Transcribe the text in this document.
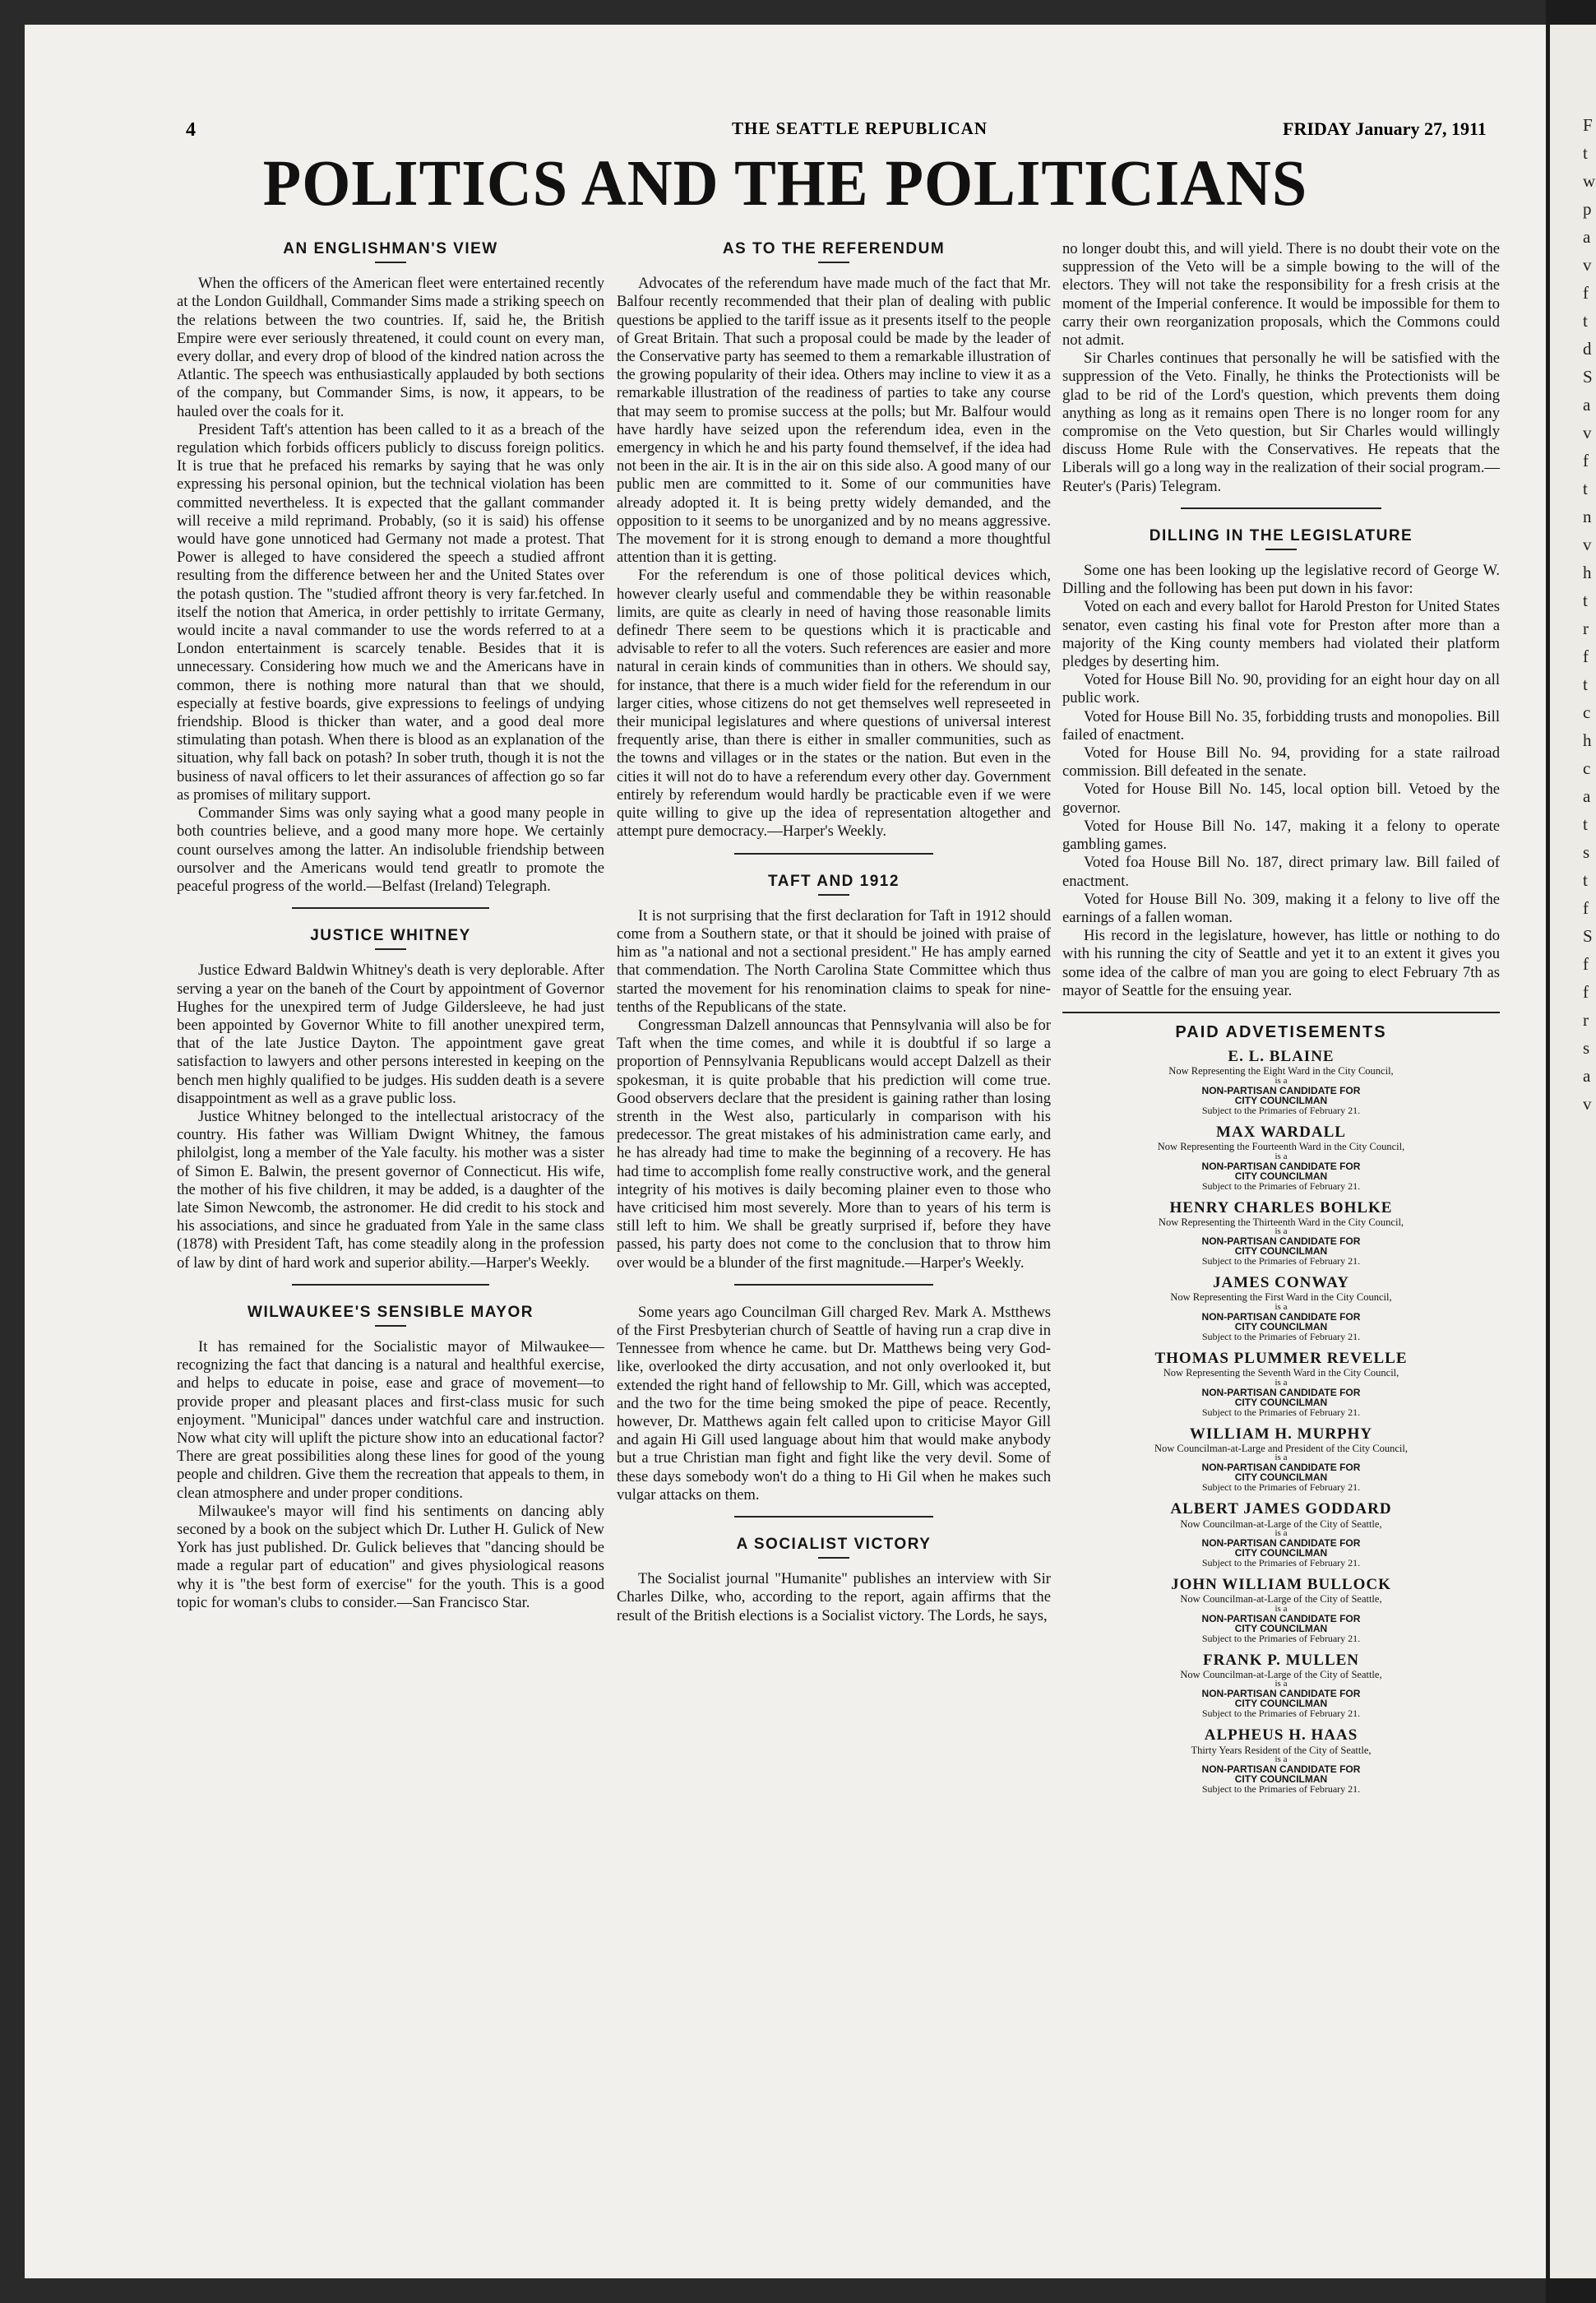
4	THE SEATTLE REPUBLICAN	FRIDAY January 27, 1911
POLITICS AND THE POLITICIANS
AN ENGLISHMAN'S VIEW

When the officers of the American fleet were entertained recently at the London Guildhall, Commander Sims made a striking speech on the relations between the two countries. If, said he, the British Empire were ever seriously threatened, it could count on every man, every dollar, and every drop of blood of the kindred nation across the Atlantic. The speech was enthusiastically applauded by both sections of the company, but Commander Sims, is now, it appears, to be hauled over the coals for it.

President Taft's attention has been called to it as a breach of the regulation which forbids officers publicly to discuss foreign politics. It is true that he prefaced his remarks by saying that he was only expressing his personal opinion, but the technical violation has been committed nevertheless. It is expected that the gallant commander will receive a mild reprimand. Probably, (so it is said) his offense would have gone unnoticed had Germany not made a protest. That Power is alleged to have considered the speech a studied affront resulting from the difference between her and the United States over the potash qustion. The "studied affront theory is very far.fetched. In itself the notion that America, in order pettishly to irritate Germany, would incite a naval commander to use the words referred to at a London entertainment is scarcely tenable. Besides that it is unnecessary. Considering how much we and the Americans have in common, there is nothing more natural than that we should, especially at festive boards, give expressions to feelings of undying friendship. Blood is thicker than water, and a good deal more stimulating than potash. When there is blood as an explanation of the situation, why fall back on potash? In sober truth, though it is not the business of naval officers to let their assurances of affection go so far as promises of military support.

Commander Sims was only saying what a good many people in both countries believe, and a good many more hope. We certainly count ourselves among the latter. An indisoluble friendship between oursolver and the Americans would tend greatlr to promote the peaceful progress of the world.—Belfast (Ireland) Telegraph.

JUSTICE WHITNEY

Justice Edward Baldwin Whitney's death is very deplorable. After serving a year on the baneh of the Court by appointment of Governor Hughes for the unexpired term of Judge Gildersleeve, he had just been appointed by Governor White to fill another unexpired term, that of the late Justice Dayton. The appointment gave great satisfaction to lawyers and other persons interested in keeping on the bench men highly qualified to be judges. His sudden death is a severe disappointment as well as a grave public loss.

Justice Whitney belonged to the intellectual aristocracy of the country. His father was William Dwignt Whitney, the famous philolgist, long a member of the Yale faculty. his mother was a sister of Simon E. Balwin, the present governor of Connecticut. His wife, the mother of his five children, it may be added, is a daughter of the late Simon Newcomb, the astronomer. He did credit to his stock and his associations, and since he graduated from Yale in the same class (1878) with President Taft, has come steadily along in the profession of law by dint of hard work and superior ability.—Harper's Weekly.

WILWAUKEE'S SENSIBLE MAYOR

It has remained for the Socialistic mayor of Milwaukee—recognizing the fact that dancing is a natural and healthful exercise, and helps to educate in poise, ease and grace of movement—to provide proper and pleasant places and first-class music for such enjoyment. "Municipal" dances under watchful care and instruction. Now what city will uplift the picture show into an educational factor? There are great possibilities along these lines for good of the young people and children. Give them the recreation that appeals to them, in clean atmosphere and under proper conditions.

Milwaukee's mayor will find his sentiments on dancing ably seconed by a book on the subject which Dr. Luther H. Gulick of New York has just published. Dr. Gulick believes that "dancing should be made a regular part of education" and gives physiological reasons why it is "the best form of exercise" for the youth. This is a good topic for woman's clubs to consider.—San Francisco Star.

AS TO THE REFERENDUM

Advocates of the referendum have made much of the fact that Mr. Balfour recently recommended that their plan of dealing with public questions be applied to the tariff issue as it presents itself to the people of Great Britain. That such a proposal could be made by the leader of the Conservative party has seemed to them a remarkable illustration of the growing popularity of their idea. Others may incline to view it as a remarkable illustration of the readiness of parties to take any course that may seem to promise success at the polls; but Mr. Balfour would have hardly have seized upon the referendum idea, even in the emergency in which he and his party found themselvef, if the idea had not been in the air. It is in the air on this side also. A good many of our public men are committed to it. Some of our communities have already adopted it. It is being pretty widely demanded, and the opposition to it seems to be unorganized and by no means aggressive. The movement for it is strong enough to demand a more thoughtful attention than it is getting.

For the referendum is one of those political devices which, however clearly useful and commendable they be within reasonable limits, are quite as clearly in need of having those reasonable limits definedr There seem to be questions which it is practicable and advisable to refer to all the voters. Such references are easier and more natural in cerain kinds of communities than in others. We should say, for instance, that there is a much wider field for the referendum in our larger cities, whose citizens do not get themselves well represeeted in their municipal legislatures and where questions of universal interest frequently arise, than there is either in smaller communities, such as the towns and villages or in the states or the nation. But even in the cities it will not do to have a referendum every other day. Government entirely by referendum would hardly be practicable even if we were quite willing to give up the idea of representation altogether and attempt pure democracy.—Harper's Weekly.

TAFT AND 1912

It is not surprising that the first declaration for Taft in 1912 should come from a Southern state, or that it should be joined with praise of him as "a national and not a sectional president." He has amply earned that commendation. The North Carolina State Committee which thus started the movement for his renomination claims to speak for nine-tenths of the Republicans of the state.

Congressman Dalzell announcas that Pennsylvania will also be for Taft when the time comes, and while it is doubtful if so large a proportion of Pennsylvania Republicans would accept Dalzell as their spokesman, it is quite probable that his prediction will come true. Good observers declare that the president is gaining rather than losing strenth in the West also, particularly in comparison with his predecessor. The great mistakes of his administration came early, and he has already had time to make the beginning of a recovery. He has had time to accomplish fome really constructive work, and the general integrity of his motives is daily becoming plainer even to those who have criticised him most severely. More than to years of his term is still left to him. We shall be greatly surprised if, before they have passed, his party does not come to the conclusion that to throw him over would be a blunder of the first magnitude.—Harper's Weekly.

Some years ago Councilman Gill charged Rev. Mark A. Mstthews of the First Presbyterian church of Seattle of having run a crap dive in Tennessee from whence he came. but Dr. Matthews being very God-like, overlooked the dirty accusation, and not only overlooked it, but extended the right hand of fellowship to Mr. Gill, which was accepted, and the two for the time being smoked the pipe of peace. Recently, however, Dr. Matthews again felt called upon to criticise Mayor Gill and again Hi Gill used language about him that would make anybody but a true Christian man fight and fight like the very devil. Some of these days somebody won't do a thing to Hi Gil when he makes such vulgar attacks on them.

A SOCIALIST VICTORY

The Socialist journal "Humanite" publishes an interview with Sir Charles Dilke, who, according to the report, again affirms that the result of the British elections is a Socialist victory. The Lords, he says,

no longer doubt this, and will yield. There is no doubt their vote on the suppression of the Veto will be a simple bowing to the will of the electors. They will not take the responsibility for a fresh crisis at the moment of the Imperial conference. It would be impossible for them to carry their own reorganization proposals, which the Commons could not admit.

Sir Charles continues that personally he will be satisfied with the suppression of the Veto. Finally, he thinks the Protectionists will be glad to be rid of the Lord's question, which prevents them doing anything as long as it remains open There is no longer room for any compromise on the Veto question, but Sir Charles would willingly discuss Home Rule with the Conservatives. He repeats that the Liberals will go a long way in the realization of their social program.—Reuter's (Paris) Telegram.

DILLING IN THE LEGISLATURE

Some one has been looking up the legislative record of George W. Dilling and the following has been put down in his favor:

Voted on each and every ballot for Harold Preston for United States senator, even casting his final vote for Preston after more than a majority of the King county members had violated their platform pledges by deserting him.

Voted for House Bill No. 90, providing for an eight hour day on all public work.

Voted for House Bill No. 35, forbidding trusts and monopolies. Bill failed of enactment.

Voted for House Bill No. 94, providing for a state railroad commission. Bill defeated in the senate.

Voted for House Bill No. 145, local option bill. Vetoed by the governor.

Voted for House Bill No. 147, making it a felony to operate gambling games.

Voted foa House Bill No. 187, direct primary law. Bill failed of enactment.

Voted for House Bill No. 309, making it a felony to live off the earnings of a fallen woman.

His record in the legislature, however, has little or nothing to do with his running the city of Seattle and yet it to an extent it gives you some idea of the calbre of man you are going to elect February 7th as mayor of Seattle for the ensuing year.

PAID ADVETISEMENTS
E. L. BLAINE
Now Representing the Eight Ward in the City Council,
is a
NON-PARTISAN CANDIDATE FOR
CITY COUNCILMAN
Subject to the Primaries of February 21.
MAX WARDALL
Now Representing the Fourteenth Ward in the City Council,
is a
NON-PARTISAN CANDIDATE FOR
CITY COUNCILMAN
Subject to the Primaries of February 21.
HENRY CHARLES BOHLKE
Now Representing the Thirteenth Ward in the City Council,
is a
NON-PARTISAN CANDIDATE FOR
CITY COUNCILMAN
Subject to the Primaries of February 21.
JAMES CONWAY
Now Representing the First Ward in the City Council,
is a
NON-PARTISAN CANDIDATE FOR
CITY COUNCILMAN
Subject to the Primaries of February 21.
THOMAS PLUMMER REVELLE
Now Representing the Seventh Ward in the City Council,
is a
NON-PARTISAN CANDIDATE FOR
CITY COUNCILMAN
Subject to the Primaries of February 21.
WILLIAM H. MURPHY
Now Councilman-at-Large and President of the City Council,
is a
NON-PARTISAN CANDIDATE FOR
CITY COUNCILMAN
Subject to the Primaries of February 21.
ALBERT JAMES GODDARD
Now Councilman-at-Large of the City of Seattle,
is a
NON-PARTISAN CANDIDATE FOR
CITY COUNCILMAN
Subject to the Primaries of February 21.
JOHN WILLIAM BULLOCK
Now Councilman-at-Large of the City of Seattle,
is a
NON-PARTISAN CANDIDATE FOR
CITY COUNCILMAN
Subject to the Primaries of February 21.
FRANK P. MULLEN
Now Councilman-at-Large of the City of Seattle,
is a
NON-PARTISAN CANDIDATE FOR
CITY COUNCILMAN
Subject to the Primaries of February 21.
ALPHEUS H. HAAS
Thirty Years Resident of the City of Seattle,
is a
NON-PARTISAN CANDIDATE FOR
CITY COUNCILMAN
Subject to the Primaries of February 21.
F
t
w
p
a
v
f
t
d
S
a
v
f
t
n
v
h
t
r
f
t
c
h
c
a
t
s
t
f
S
f
f
r
s
a
v
